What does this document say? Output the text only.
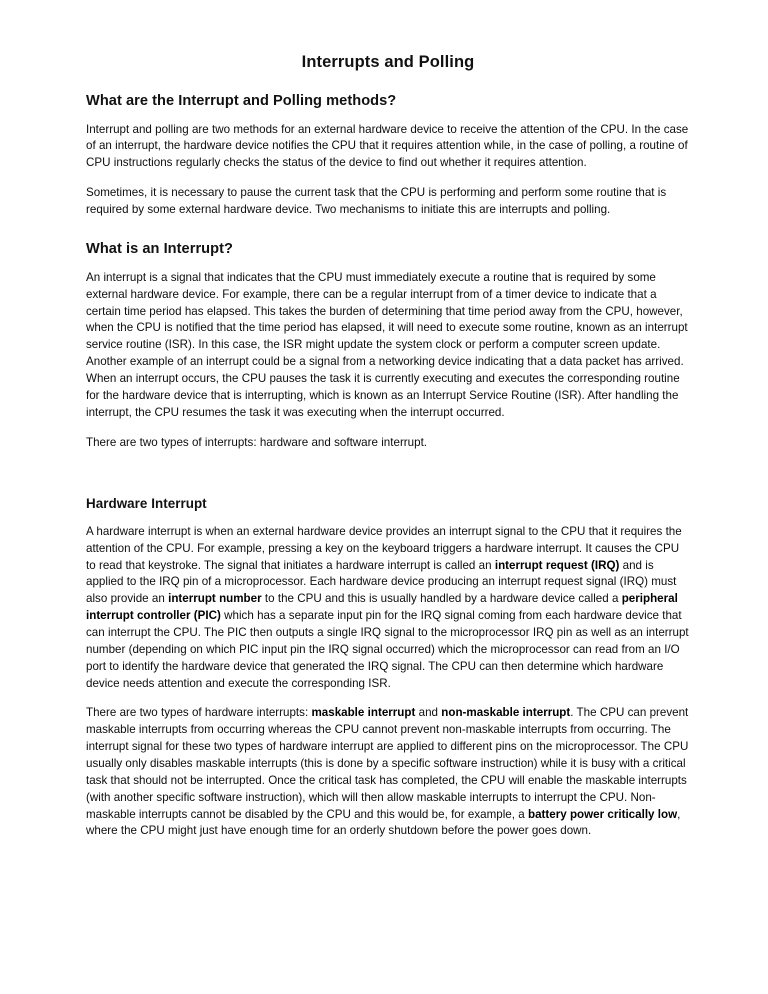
Interrupts and Polling
What are the Interrupt and Polling methods?

Interrupt and polling are two methods for an external hardware device to receive the attention of the CPU. In the case of an interrupt, the hardware device notifies the CPU that it requires attention while, in the case of polling, a routine of CPU instructions regularly checks the status of the device to find out whether it requires attention.

Sometimes, it is necessary to pause the current task that the CPU is performing and perform some routine that is required by some external hardware device. Two mechanisms to initiate this are interrupts and polling.

What is an Interrupt?

An interrupt is a signal that indicates that the CPU must immediately execute a routine that is required by some external hardware device. For example, there can be a regular interrupt from of a timer device to indicate that a certain time period has elapsed. This takes the burden of determining that time period away from the CPU, however, when the CPU is notified that the time period has elapsed, it will need to execute some routine, known as an interrupt service routine (ISR). In this case, the ISR might update the system clock or perform a computer screen update. Another example of an interrupt could be a signal from a networking device indicating that a data packet has arrived. When an interrupt occurs, the CPU pauses the task it is currently executing and executes the corresponding routine for the hardware device that is interrupting, which is known as an Interrupt Service Routine (ISR). After handling the interrupt, the CPU resumes the task it was executing when the interrupt occurred.

There are two types of interrupts: hardware and software interrupt.

Hardware Interrupt

A hardware interrupt is when an external hardware device provides an interrupt signal to the CPU that it requires the attention of the CPU. For example, pressing a key on the keyboard triggers a hardware interrupt. It causes the CPU to read that keystroke. The signal that initiates a hardware interrupt is called an interrupt request (IRQ) and is applied to the IRQ pin of a microprocessor. Each hardware device producing an interrupt request signal (IRQ) must also provide an interrupt number to the CPU and this is usually handled by a hardware device called a peripheral interrupt controller (PIC) which has a separate input pin for the IRQ signal coming from each hardware device that can interrupt the CPU. The PIC then outputs a single IRQ signal to the microprocessor IRQ pin as well as an interrupt number (depending on which PIC input pin the IRQ signal occurred) which the microprocessor can read from an I/O port to identify the hardware device that generated the IRQ signal. The CPU can then determine which hardware device needs attention and execute the corresponding ISR.

There are two types of hardware interrupts: maskable interrupt and non-maskable interrupt. The CPU can prevent maskable interrupts from occurring whereas the CPU cannot prevent non-maskable interrupts from occurring. The interrupt signal for these two types of hardware interrupt are applied to different pins on the microprocessor. The CPU usually only disables maskable interrupts (this is done by a specific software instruction) while it is busy with a critical task that should not be interrupted. Once the critical task has completed, the CPU will enable the maskable interrupts (with another specific software instruction), which will then allow maskable interrupts to interrupt the CPU. Non-maskable interrupts cannot be disabled by the CPU and this would be, for example, a battery power critically low, where the CPU might just have enough time for an orderly shutdown before the power goes down.
